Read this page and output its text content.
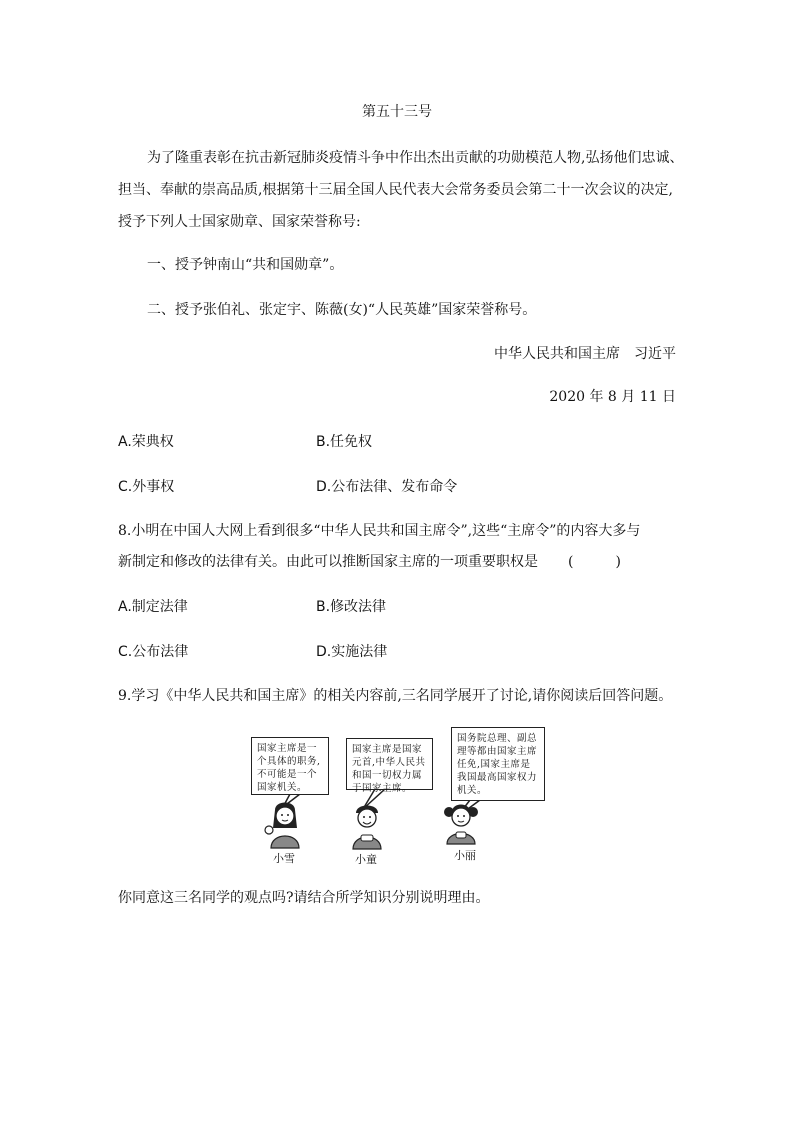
第五十三号
为了隆重表彰在抗击新冠肺炎疫情斗争中作出杰出贡献的功勋模范人物,弘扬他们忠诚、
担当、奉献的崇高品质,根据第十三届全国人民代表大会常务委员会第二十一次会议的决定,
授予下列人士国家勋章、国家荣誉称号:
一、授予钟南山“共和国勋章”。
二、授予张伯礼、张定宇、陈薇(女)“人民英雄”国家荣誉称号。
中华人民共和国主席　习近平
2020 年 8 月 11 日
A.荣典权	B.任免权
C.外事权	D.公布法律、发布命令
8.小明在中国人大网上看到很多“中华人民共和国主席令”,这些“主席令”的内容大多与
新制定和修改的法律有关。由此可以推断国家主席的一项重要职权是 (　)
A.制定法律	B.修改法律
C.公布法律	D.实施法律
9.学习《中华人民共和国主席》的相关内容前,三名同学展开了讨论,请你阅读后回答问题。
国家主席是一个具体的职务,不可能是一个国家机关。
国家主席是国家元首,中华人民共和国一切权力属于国家主席。
国务院总理、副总理等都由国家主席任免,国家主席是我国最高国家权力机关。
小雪	小童	小丽
你同意这三名同学的观点吗?请结合所学知识分别说明理由。
